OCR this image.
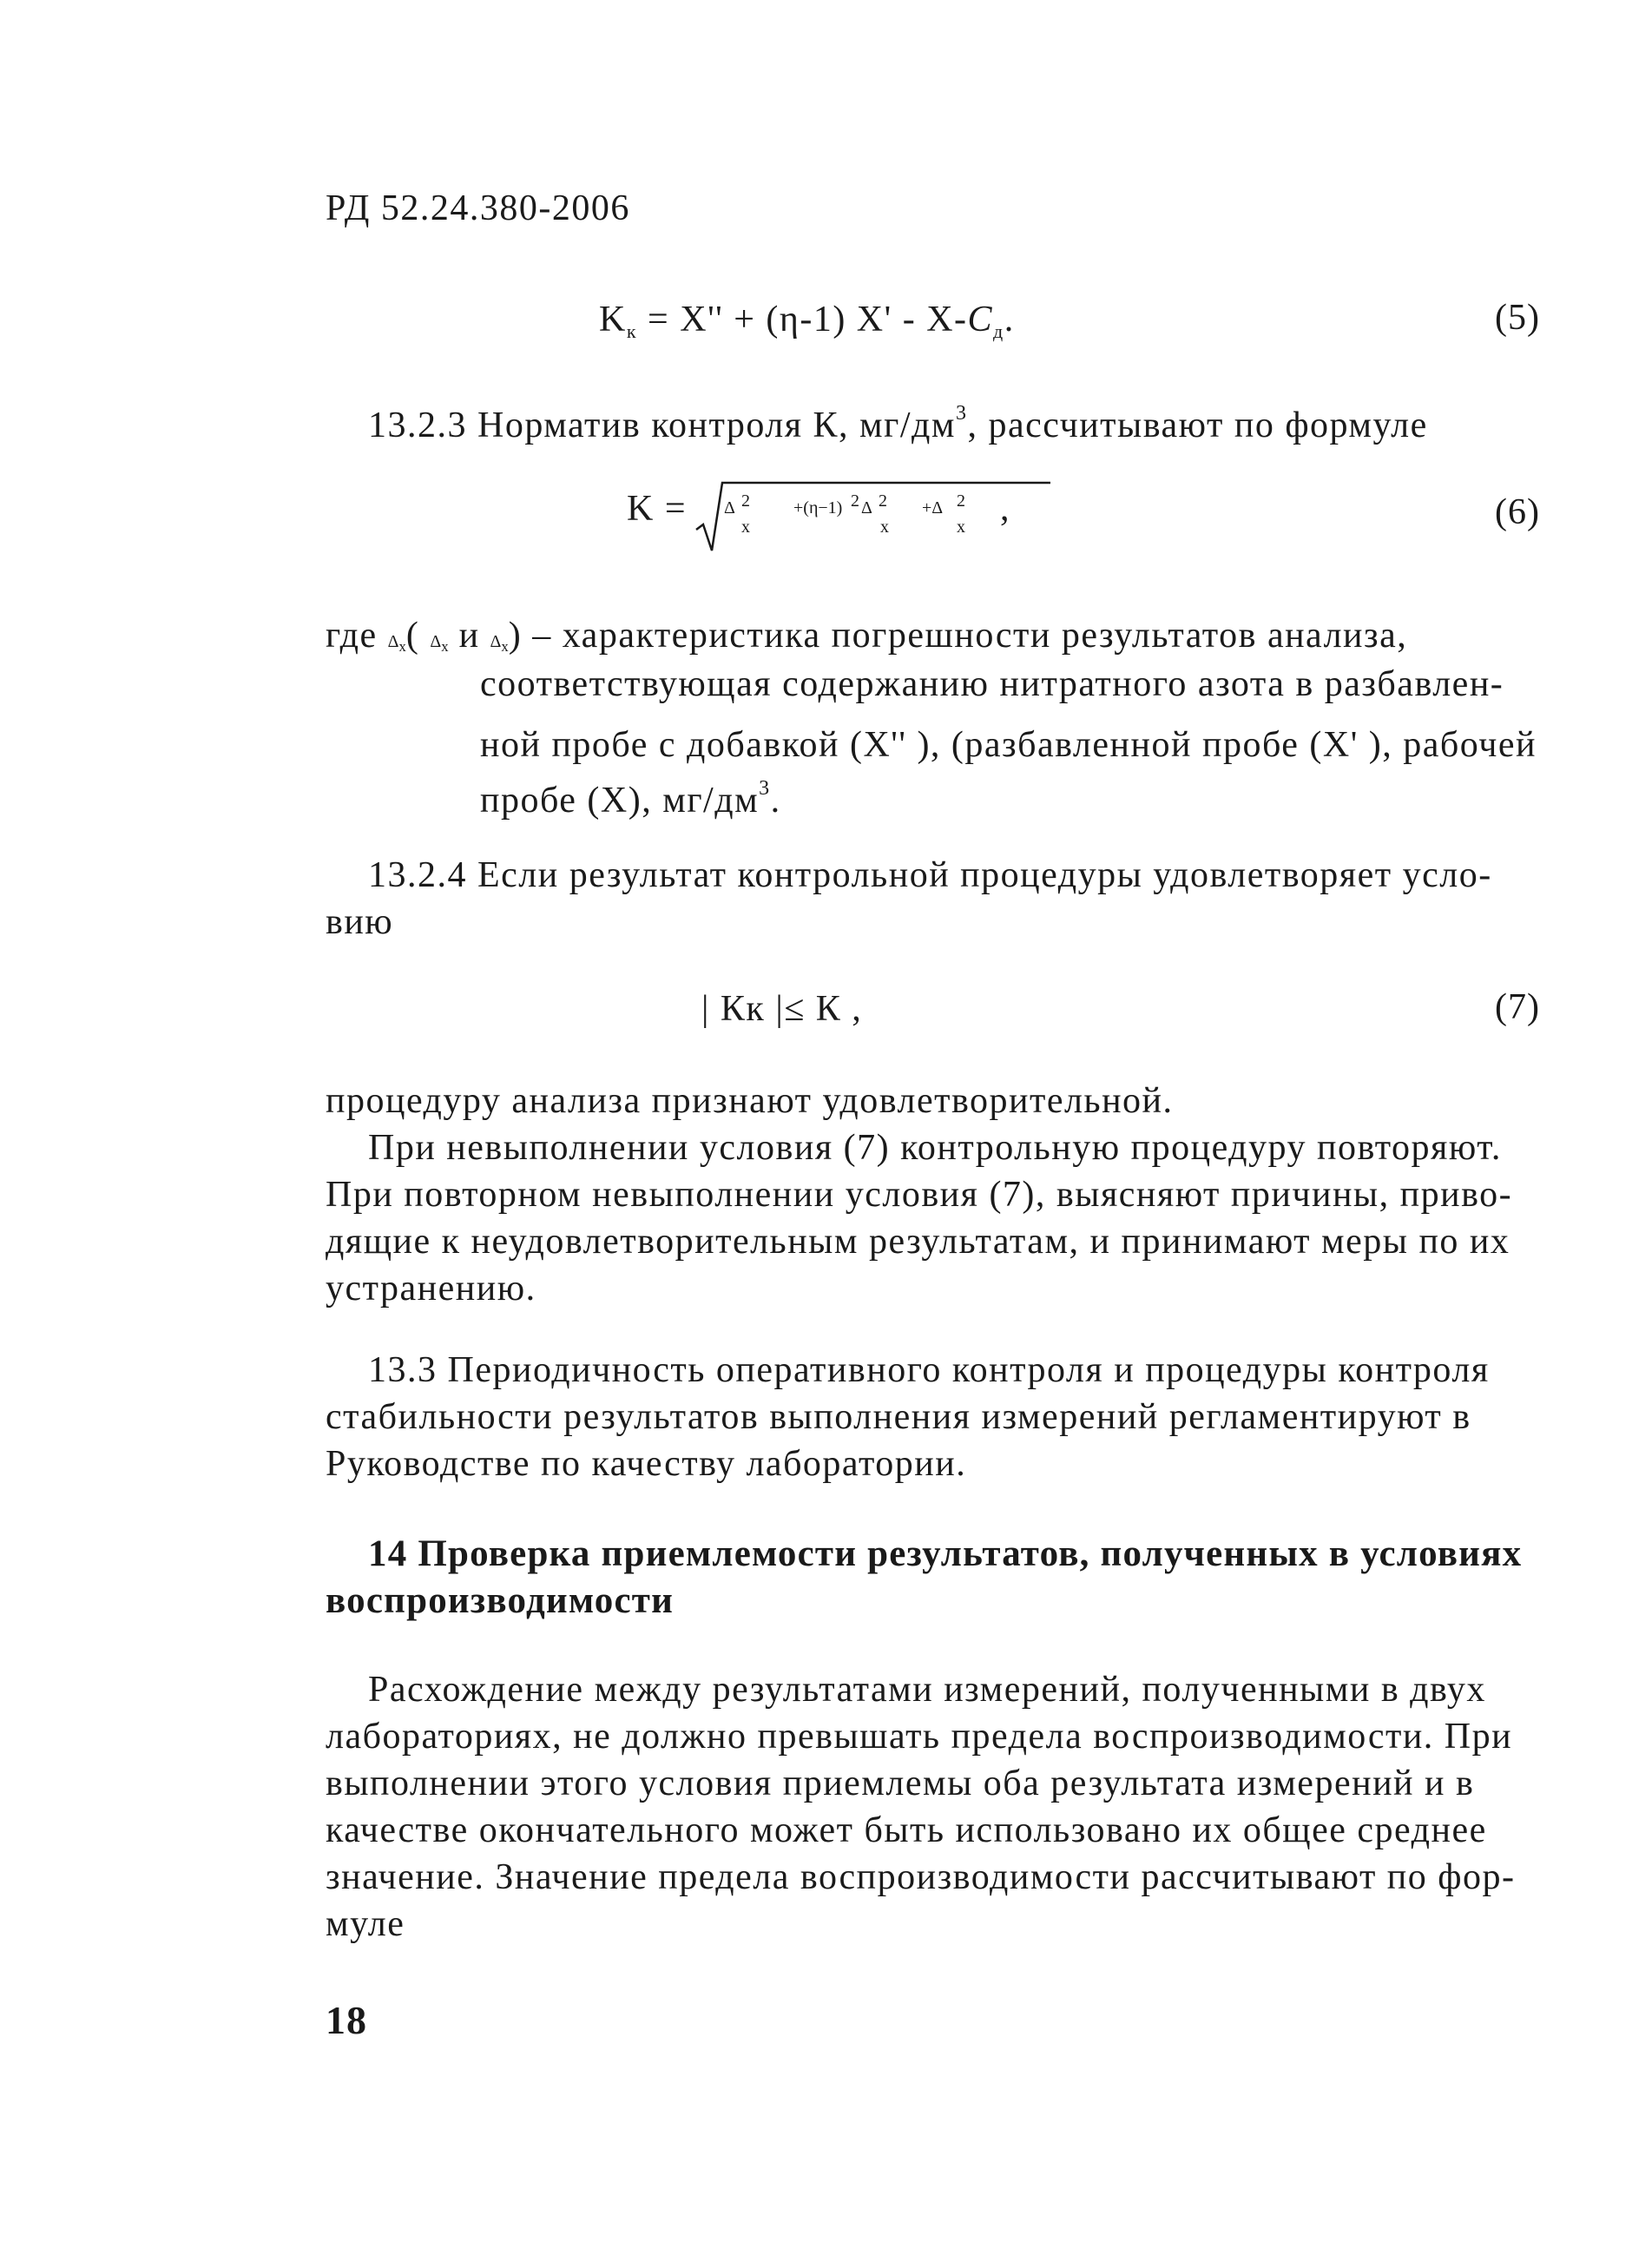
РД 52.24.380-2006
$K_к = X'' + (\eta-1)$ X' - $X-C_д$.	(5)
13.2.3 Норматив контроля К, $мг/дм^3$, рассчитывают по формуле
K = Δ 2
x
+(η−1) 2 Δ 2
x
+Δ 2
x ,	(6)
где $\Delta_x$( $\Delta_x$ и $\Delta_x$) – характеристика погрешности результатов анализа,
соответствующая содержанию нитратного азота в разбавлен-
ной пробе с добавкой (X'' ), (разбавленной пробе (X' ), рабочей
пробе (X), $мг/дм^3$.
13.2.4 Если результат контрольной процедуры удовлетворяет усло-
вию
| Кк |≤ К ,	(7)
процедуру анализа признают удовлетворительной.
При невыполнении условия (7) контрольную процедуру повторяют.
При повторном невыполнении условия (7), выясняют причины, приво-
дящие к неудовлетворительным результатам, и принимают меры по их
устранению.
13.3 Периодичность оперативного контроля и процедуры контроля
стабильности результатов выполнения измерений регламентируют в
Руководстве по качеству лаборатории.
14 Проверка приемлемости результатов, полученных в условиях
воспроизводимости
Расхождение между результатами измерений, полученными в двух
лабораториях, не должно превышать предела воспроизводимости. При
выполнении этого условия приемлемы оба результата измерений и в
качестве окончательного может быть использовано их общее среднее
значение. Значение предела воспроизводимости рассчитывают по фор-
муле
18
